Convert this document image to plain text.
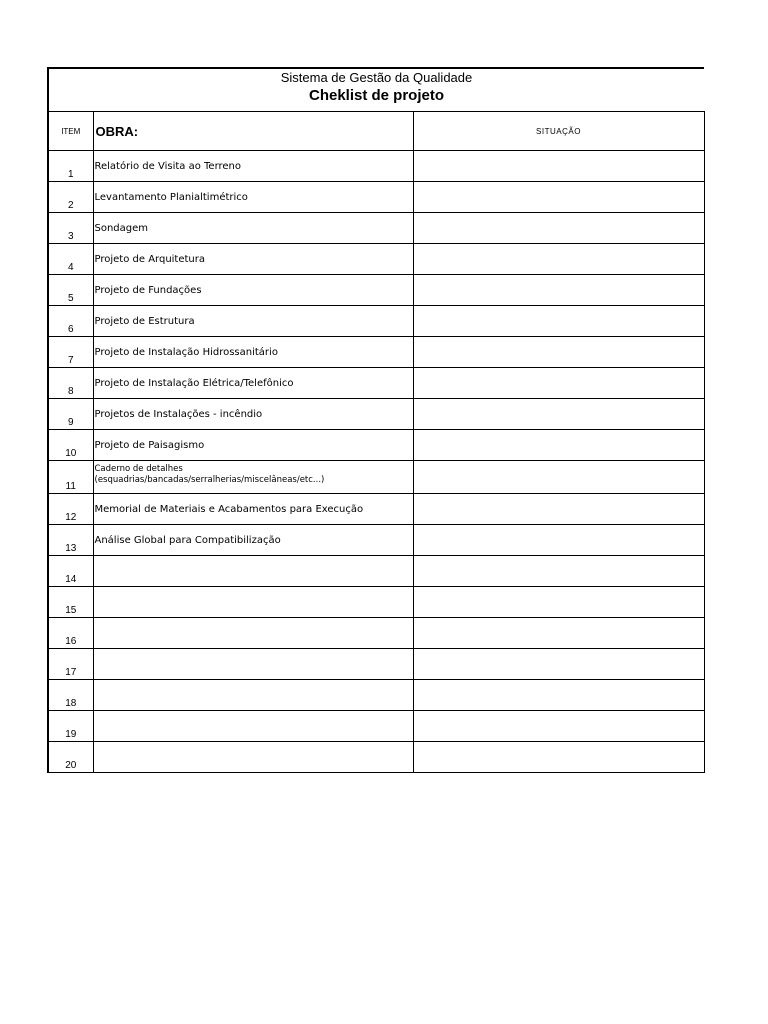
Sistema de Gestão da Qualidade
Cheklist de projeto		

ITEM	OBRA:	SITUAÇÃO
1	Relatório de Visita ao Terreno	
2	Levantamento Planialtimétrico	
3	Sondagem	
4	Projeto de Arquitetura	
5	Projeto de Fundações	
6	Projeto de Estrutura	
7	Projeto de Instalação Hidrossanitário	
8	Projeto de Instalação Elétrica/Telefônico	
9	Projetos de Instalações - incêndio	
10	Projeto de Paisagismo	
11	Caderno de detalhes
(esquadrias/bancadas/serralherias/miscelâneas/etc...)	

12	Memorial de Materiais e Acabamentos para Execução	
13	Análise Global para Compatibilização	
14		
15		
16		
17		
18		
19		
20		
